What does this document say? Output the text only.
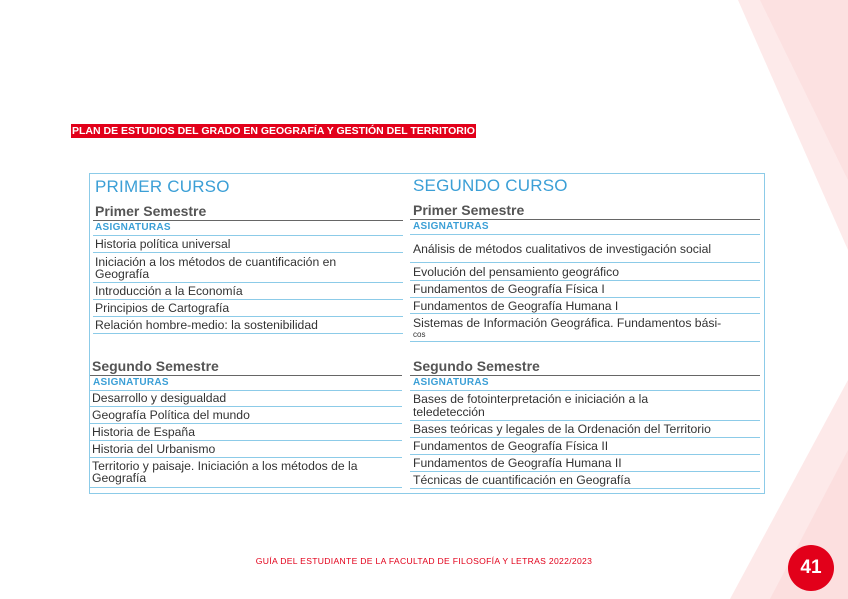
PLAN DE ESTUDIOS DEL GRADO EN GEOGRAFÍA Y GESTIÓN DEL TERRITORIO
PRIMER CURSO
Primer Semestre
ASIGNATURAS
Historia política universal
Iniciación a los métodos de cuantificación en
Geografía
Introducción a la Economía
Principios de Cartografía
Relación hombre-medio: la sostenibilidad
Segundo Semestre
ASIGNATURAS
Desarrollo y desigualdad
Geografía Política del mundo
Historia de España
Historia del Urbanismo
Territorio y paisaje. Iniciación a los métodos de la
Geografía
SEGUNDO CURSO
Primer Semestre
ASIGNATURAS
Análisis de métodos cualitativos de investigación social
Evolución del pensamiento geográfico
Fundamentos de Geografía Física I
Fundamentos de Geografía Humana I
Sistemas de Información Geográfica. Fundamentos bási-
cos
Segundo Semestre
ASIGNATURAS
Bases de fotointerpretación e iniciación a la
teledetección
Bases teóricas y legales de la Ordenación del Territorio
Fundamentos de Geografía Física II
Fundamentos de Geografía Humana II
Técnicas de cuantificación en Geografía
GUÍA DEL ESTUDIANTE DE LA FACULTAD DE FILOSOFÍA Y LETRAS 2022/2023	41
